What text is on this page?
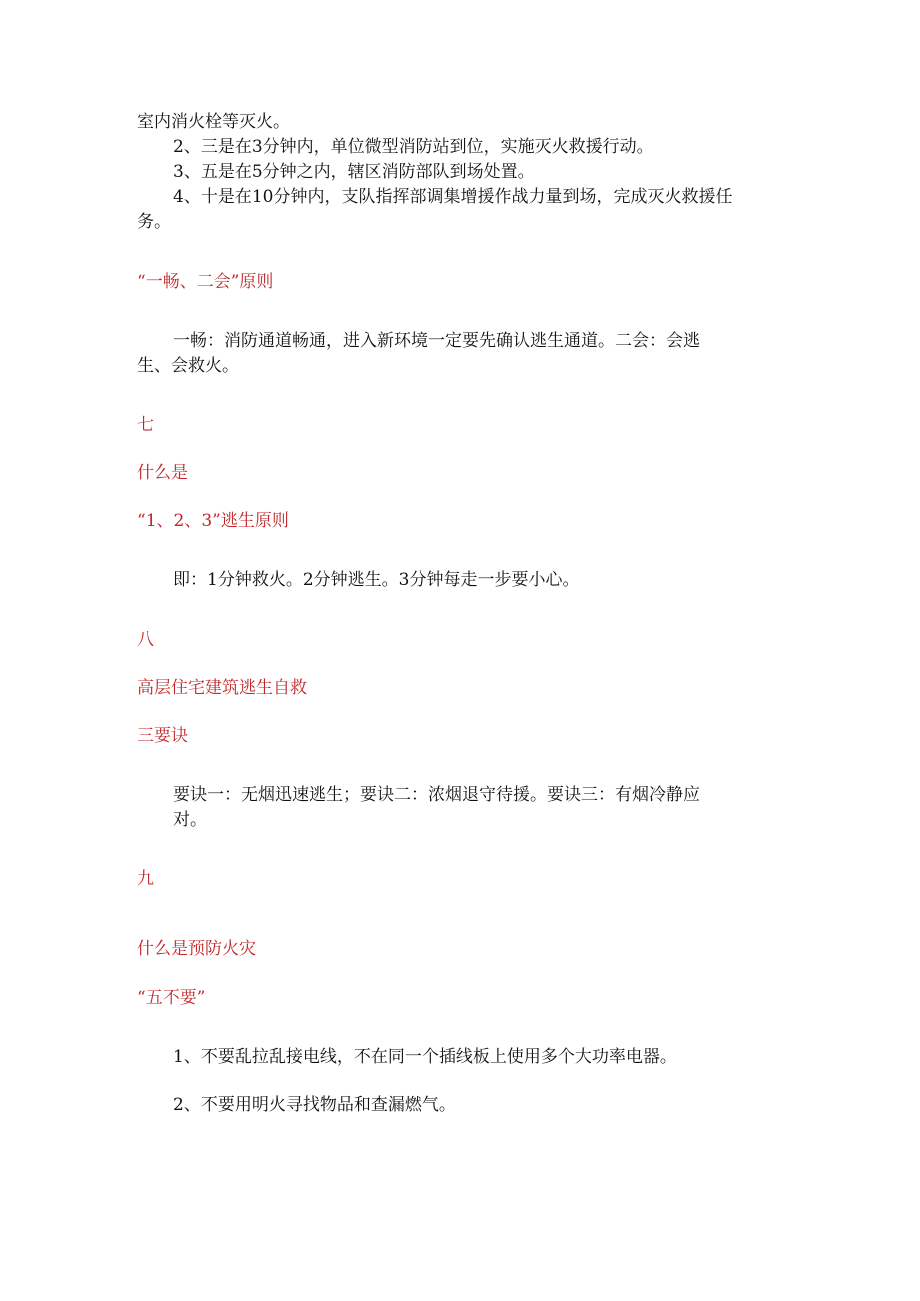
室内消火栓等灭火。

2、三是在3分钟内，单位微型消防站到位，实施灭火救援行动。

3、五是在5分钟之内，辖区消防部队到场处置。

4、十是在10分钟内，支队指挥部调集增援作战力量到场，完成灭火救援任

务。

“一畅、二会”原则

一畅：消防通道畅通，进入新环境一定要先确认逃生通道。二会：会逃

生、会救火。

七

什么是

“1、2、3”逃生原则

即：1分钟救火。2分钟逃生。3分钟每走一步要小心。

八

高层住宅建筑逃生自救

三要诀

要诀一：无烟迅速逃生；要诀二：浓烟退守待援。要诀三：有烟冷静应

对。

九

什么是预防火灾

“五不要”

1、不要乱拉乱接电线，不在同一个插线板上使用多个大功率电器。

2、不要用明火寻找物品和查漏燃气。
